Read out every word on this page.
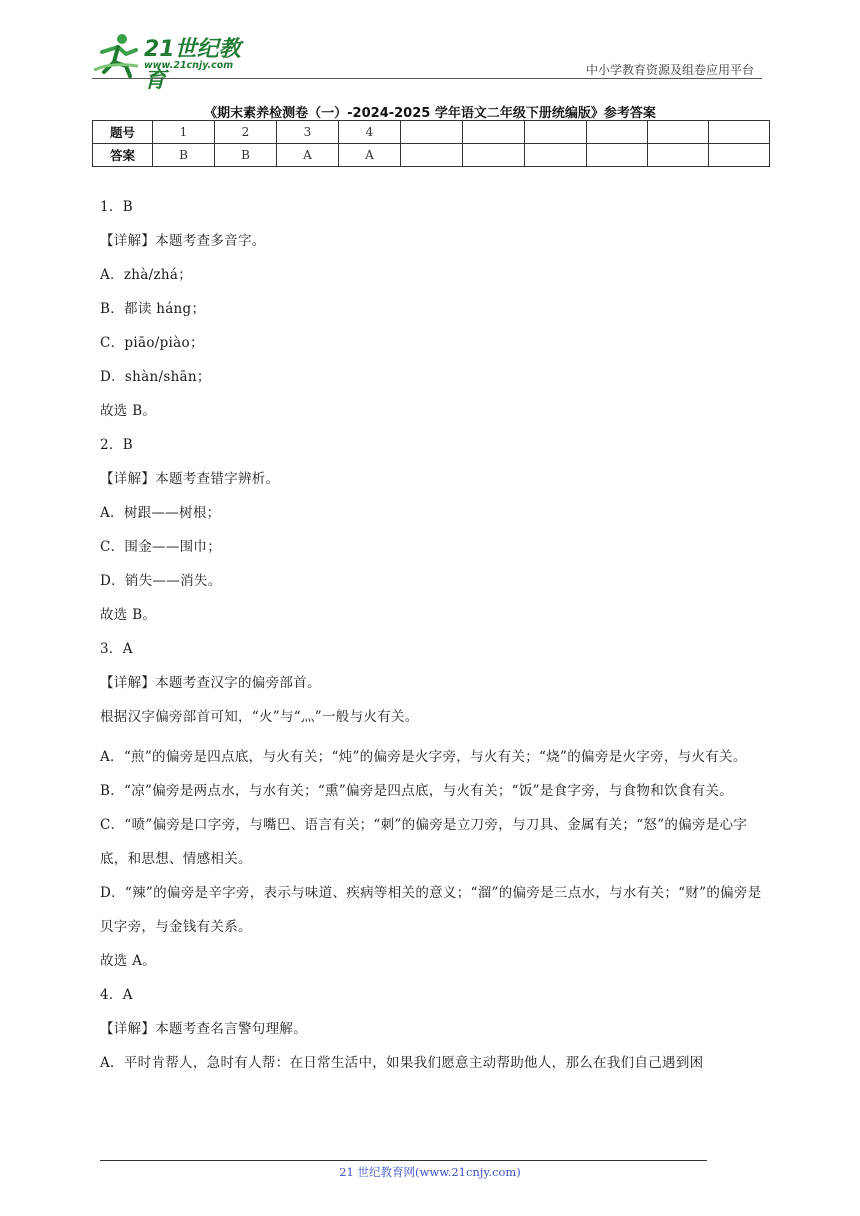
21世纪教育
www.21cnjy.com	中小学教育资源及组卷应用平台
《期末素养检测卷（一）-2024-2025 学年语文二年级下册统编版》参考答案
题号	1	2	3	4						
答案	B	B	A	A						

1．B

【详解】本题考查多音字。

A．zhà/zhá；

B．都读 háng；

C．piāo/piào；

D．shàn/shān；

故选 B。

2．B

【详解】本题考查错字辨析。

A．树跟——树根；

C．围金——围巾；

D．销失——消失。

故选 B。

3．A

【详解】本题考查汉字的偏旁部首。

根据汉字偏旁部首可知，“火”与“灬”一般与火有关。

A．“煎”的偏旁是四点底，与火有关；“炖”的偏旁是火字旁，与火有关；“烧”的偏旁是火字旁，与火有关。

B．“凉”偏旁是两点水，与水有关；“熏”偏旁是四点底，与火有关；“饭”是食字旁，与食物和饮食有关。

C．“喷”偏旁是口字旁，与嘴巴、语言有关；“刺”的偏旁是立刀旁，与刀具、金属有关；“怒”的偏旁是心字底，和思想、情感相关。

D．“辣”的偏旁是辛字旁，表示与味道、疾病等相关的意义；“溜”的偏旁是三点水，与水有关；“财”的偏旁是贝字旁，与金钱有关系。

故选 A。

4．A

【详解】本题考查名言警句理解。

A．平时肯帮人，急时有人帮：在日常生活中，如果我们愿意主动帮助他人，那么在我们自己遇到困

21 世纪教育网(www.21cnjy.com)
